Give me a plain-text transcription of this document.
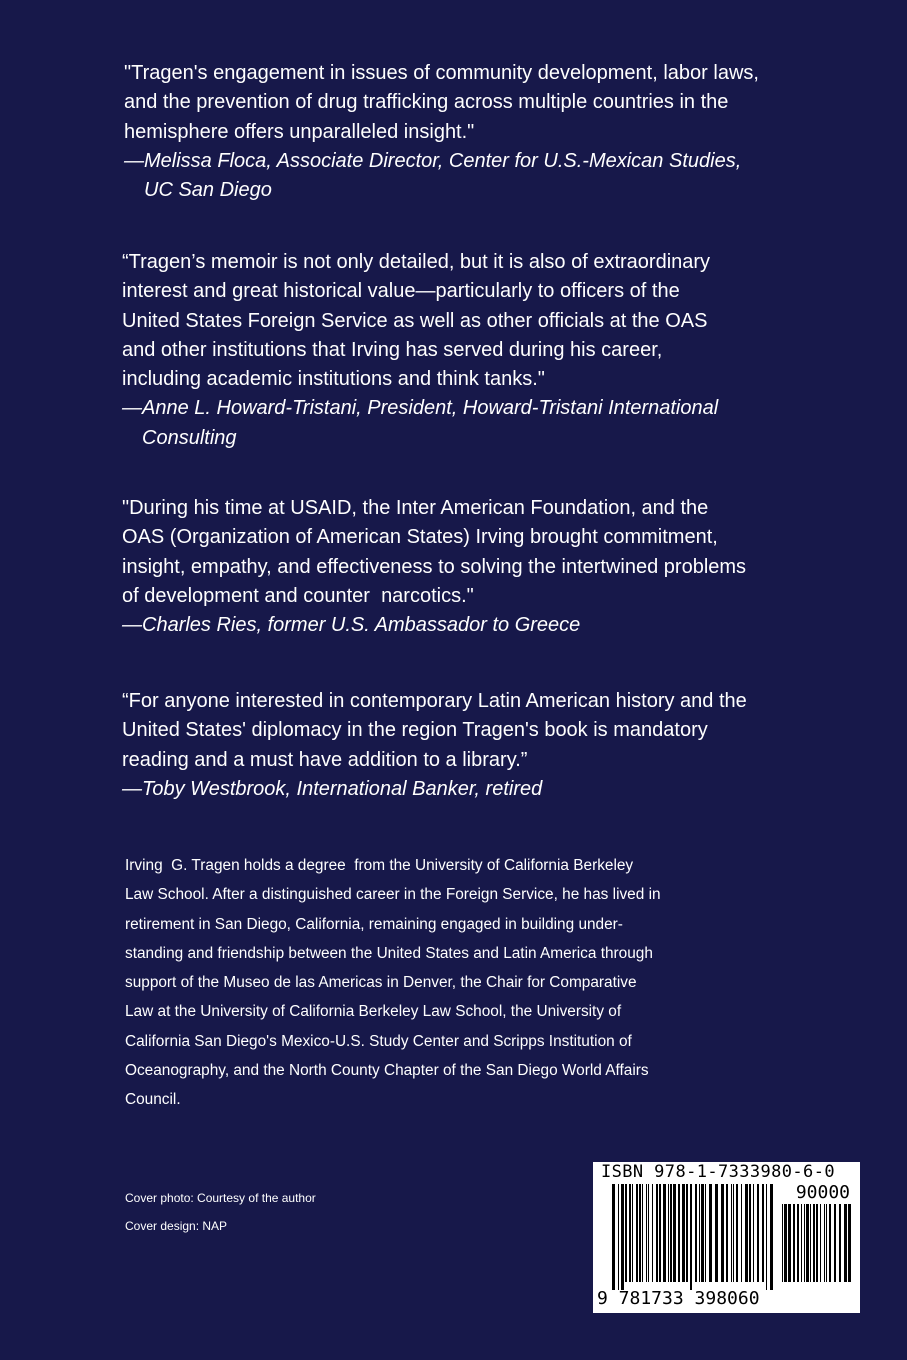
"Tragen's engagement in issues of community development, labor laws,
and the prevention of drug trafficking across multiple countries in the
hemisphere offers unparalleled insight."
—Melissa Floca, Associate Director, Center for U.S.-Mexican Studies,
UC San Diego
“Tragen’s memoir is not only detailed, but it is also of extraordinary
interest and great historical value—particularly to officers of the
United States Foreign Service as well as other officials at the OAS
and other institutions that Irving has served during his career,
including academic institutions and think tanks."
—Anne L. Howard-Tristani, President, Howard-Tristani International
Consulting
"During his time at USAID, the Inter American Foundation, and the
OAS (Organization of American States) Irving brought commitment,
insight, empathy, and effectiveness to solving the intertwined problems
of development and counter  narcotics."
—Charles Ries, former U.S. Ambassador to Greece
“For anyone interested in contemporary Latin American history and the
United States' diplomacy in the region Tragen's book is mandatory
reading and a must have addition to a library.”
—Toby Westbrook, International Banker, retired
Irving  G. Tragen holds a degree  from the University of California Berkeley
Law School. After a distinguished career in the Foreign Service, he has lived in
retirement in San Diego, California, remaining engaged in building under-
standing and friendship between the United States and Latin America through
support of the Museo de las Americas in Denver, the Chair for Comparative
Law at the University of California Berkeley Law School, the University of
California San Diego's Mexico-U.S. Study Center and Scripps Institution of
Oceanography, and the North County Chapter of the San Diego World Affairs
Council.
Cover photo: Courtesy of the author
Cover design: NAP
ISBN 978-1-7333980-6-0
90000
9 781733 398060
